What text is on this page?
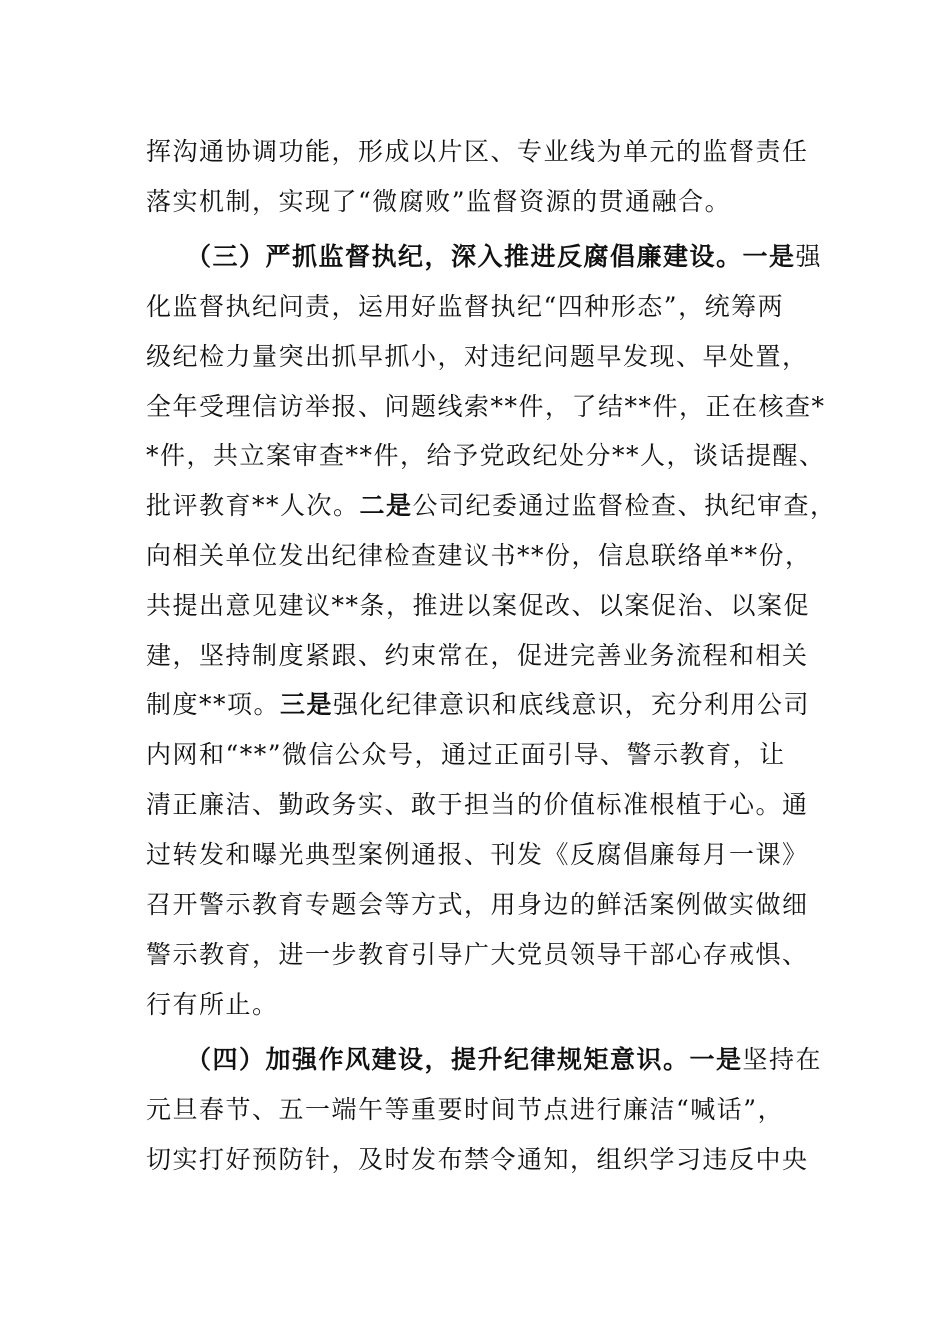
挥沟通协调功能，形成以片区、专业线为单元的监督责任
落实机制，实现了“微腐败”监督资源的贯通融合。
（三）严抓监督执纪，深入推进反腐倡廉建设。一是强
化监督执纪问责，运用好监督执纪“四种形态”，统筹两
级纪检力量突出抓早抓小，对违纪问题早发现、早处置，
全年受理信访举报、问题线索**件，了结**件，正在核查*
*件，共立案审查**件，给予党政纪处分**人，谈话提醒、
批评教育**人次。二是公司纪委通过监督检查、执纪审查，
向相关单位发出纪律检查建议书**份，信息联络单**份，
共提出意见建议**条，推进以案促改、以案促治、以案促
建，坚持制度紧跟、约束常在，促进完善业务流程和相关
制度**项。三是强化纪律意识和底线意识，充分利用公司
内网和“**”微信公众号，通过正面引导、警示教育，让
清正廉洁、勤政务实、敢于担当的价值标准根植于心。通
过转发和曝光典型案例通报、刊发《反腐倡廉每月一课》
召开警示教育专题会等方式，用身边的鲜活案例做实做细
警示教育，进一步教育引导广大党员领导干部心存戒惧、
行有所止。
（四）加强作风建设，提升纪律规矩意识。一是坚持在
元旦春节、五一端午等重要时间节点进行廉洁“喊话”，
切实打好预防针，及时发布禁令通知，组织学习违反中央
